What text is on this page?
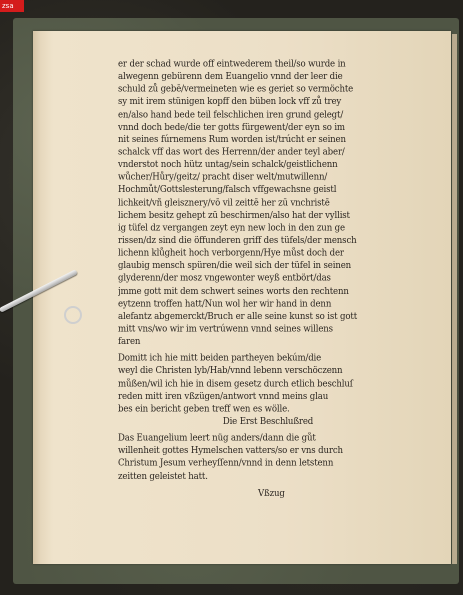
zsa
er der schad wurde off eintwederem theil/so wurde in
alwegenn gebürenn dem Euangelio vnnd der leer die
schuld zů gebē/vermeineten wie es geriet so vermöchte
sy mit irem stünigen kopff den büben lock vff zů trey
en/also hand bede teil felschlichen iren grund gelegt/
vnnd doch bede/die ter gotts fürgewent/der eyn so im
nit seines fúrnemens Rum worden ist/trúcht er seinen
schalck vff das wort des Herrenn/der ander teyl aber/
vnderstot noch hütz untag/sein schalck/geistlichenn
wůcher/Hůry/geitz/ pracht diser welt/mutwillenn/
Hochmůt/Gottslesterung/falsch vffgewachsne geistl
lichkeit/vñ gleisznery/vō vil zeittē her zū vnchristē
lichem besitz gehept zū beschirmen/also hat der vyllist
ig tüfel dz vergangen zeyt eyn new loch in den zun ge
rissen/dz sind die öffunderen griff des tüfels/der mensch
lichenn klůgheit hoch verborgenn/Hye můst doch der
glaubig mensch spüren/die weil sich der tüfel in seinen
glyderenn/der mosz vngewonter weyß entbört/das
jmme gott mit dem schwert seines worts den rechtenn
eytzenn troffen hatt/Nun wol her wir hand in denn
alefantz abgemerckt/Bruch er alle seine kunst so ist gott
mitt vns/wo wir im vertrúwenn vnnd seines willens
faren
Domitt ich hie mitt beiden partheyen bekúm/die
weyl die Christen lyb/Hab/vnnd lebenn verschöczenn
můßen/wil ich hie in disem gesetz durch etlich beschluſ
reden mitt iren vßzügen/antwort vnnd meins glau
bes ein bericht geben treff wen es wölle.
Die Erst Beschlußred
Das Euangelium leert nüg anders/dann die gůt
willenheit gottes Hymelschen vatters/so er vns durch
Christum Jesum verheyſſenn/vnnd in denn letstenn
zeitten geleistet hatt.
Vßzug
